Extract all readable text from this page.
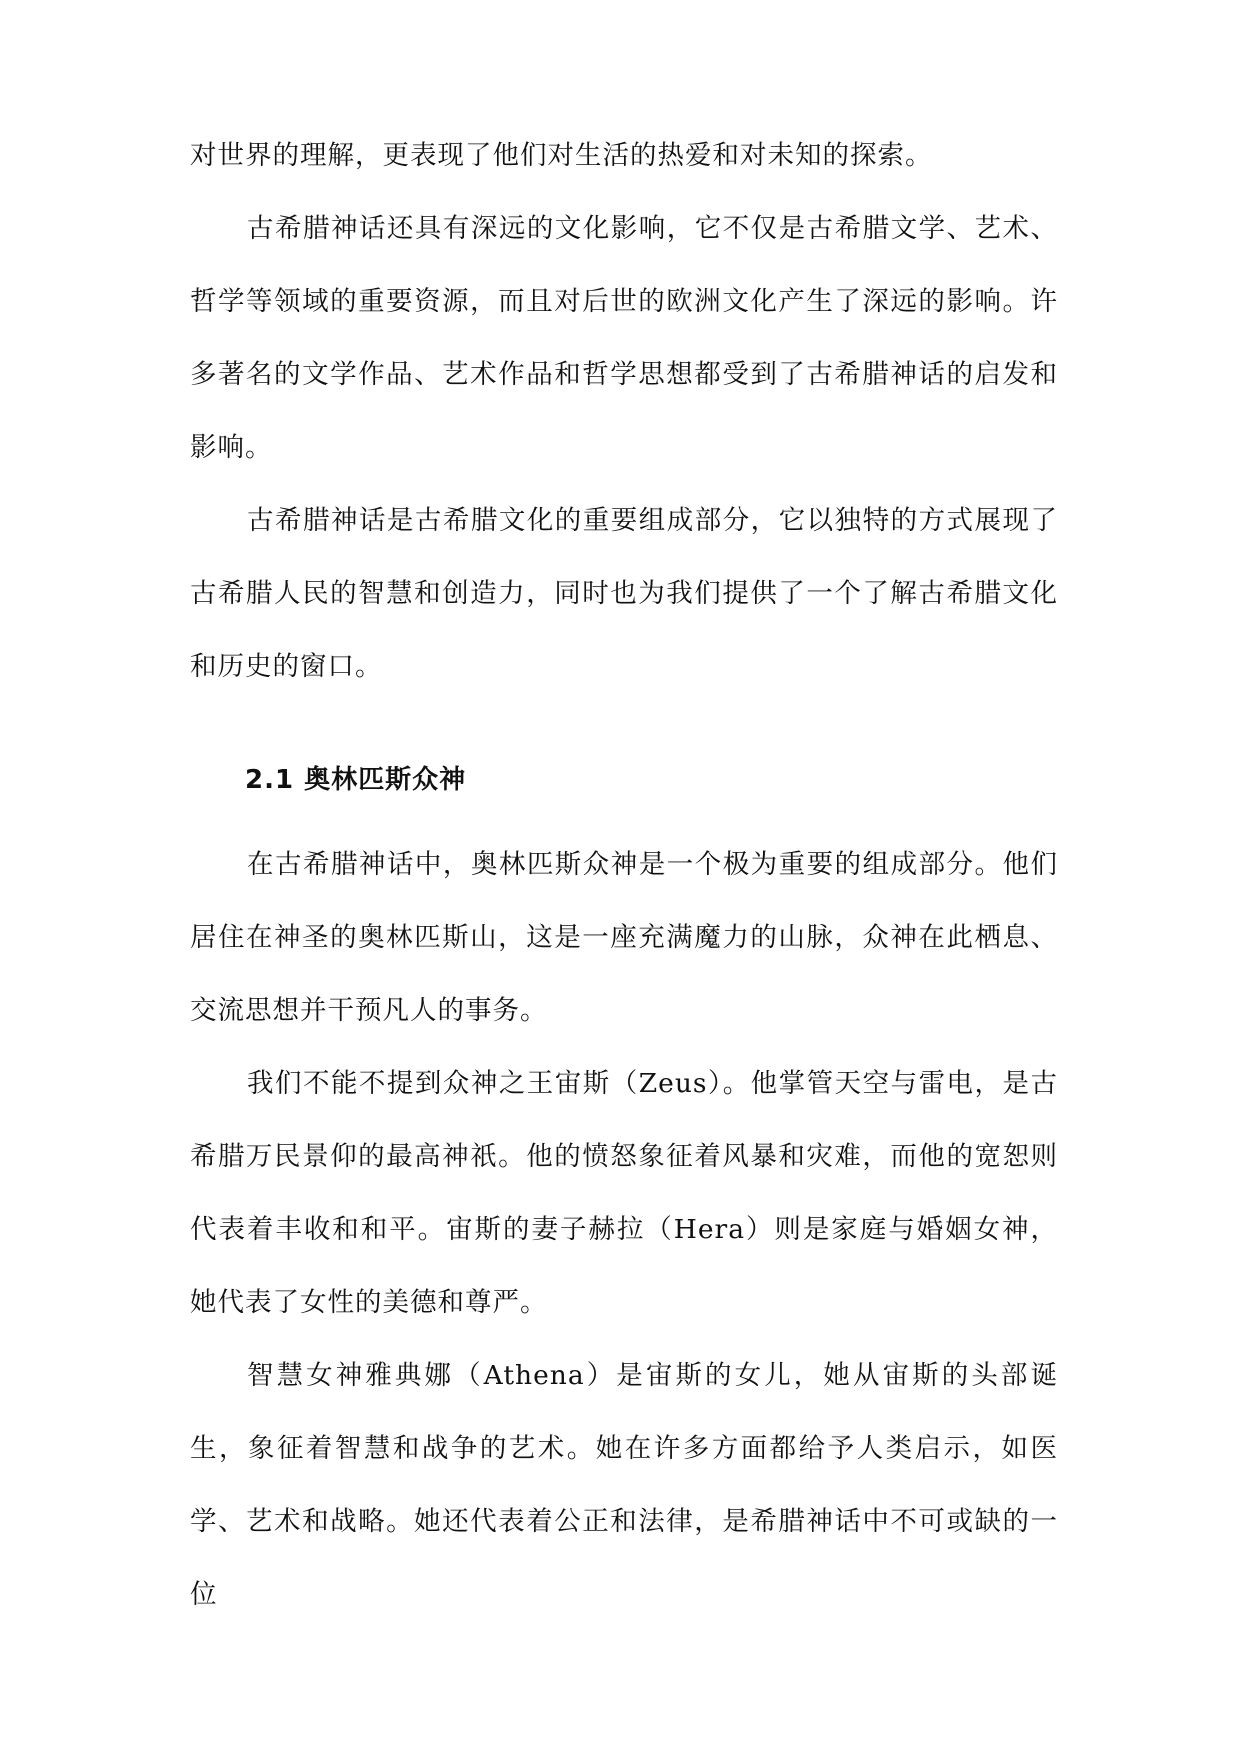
对世界的理解，更表现了他们对生活的热爱和对未知的探索。

古希腊神话还具有深远的文化影响，它不仅是古希腊文学、艺术、哲学等领域的重要资源，而且对后世的欧洲文化产生了深远的影响。许多著名的文学作品、艺术作品和哲学思想都受到了古希腊神话的启发和影响。

古希腊神话是古希腊文化的重要组成部分，它以独特的方式展现了古希腊人民的智慧和创造力，同时也为我们提供了一个了解古希腊文化和历史的窗口。

2.1 奥林匹斯众神

在古希腊神话中，奥林匹斯众神是一个极为重要的组成部分。他们居住在神圣的奥林匹斯山，这是一座充满魔力的山脉，众神在此栖息、交流思想并干预凡人的事务。

我们不能不提到众神之王宙斯（Zeus）。他掌管天空与雷电，是古希腊万民景仰的最高神祇。他的愤怒象征着风暴和灾难，而他的宽恕则代表着丰收和和平。宙斯的妻子赫拉（Hera）则是家庭与婚姻女神，她代表了女性的美德和尊严。

智慧女神雅典娜（Athena）是宙斯的女儿，她从宙斯的头部诞生，象征着智慧和战争的艺术。她在许多方面都给予人类启示，如医学、艺术和战略。她还代表着公正和法律，是希腊神话中不可或缺的一位
